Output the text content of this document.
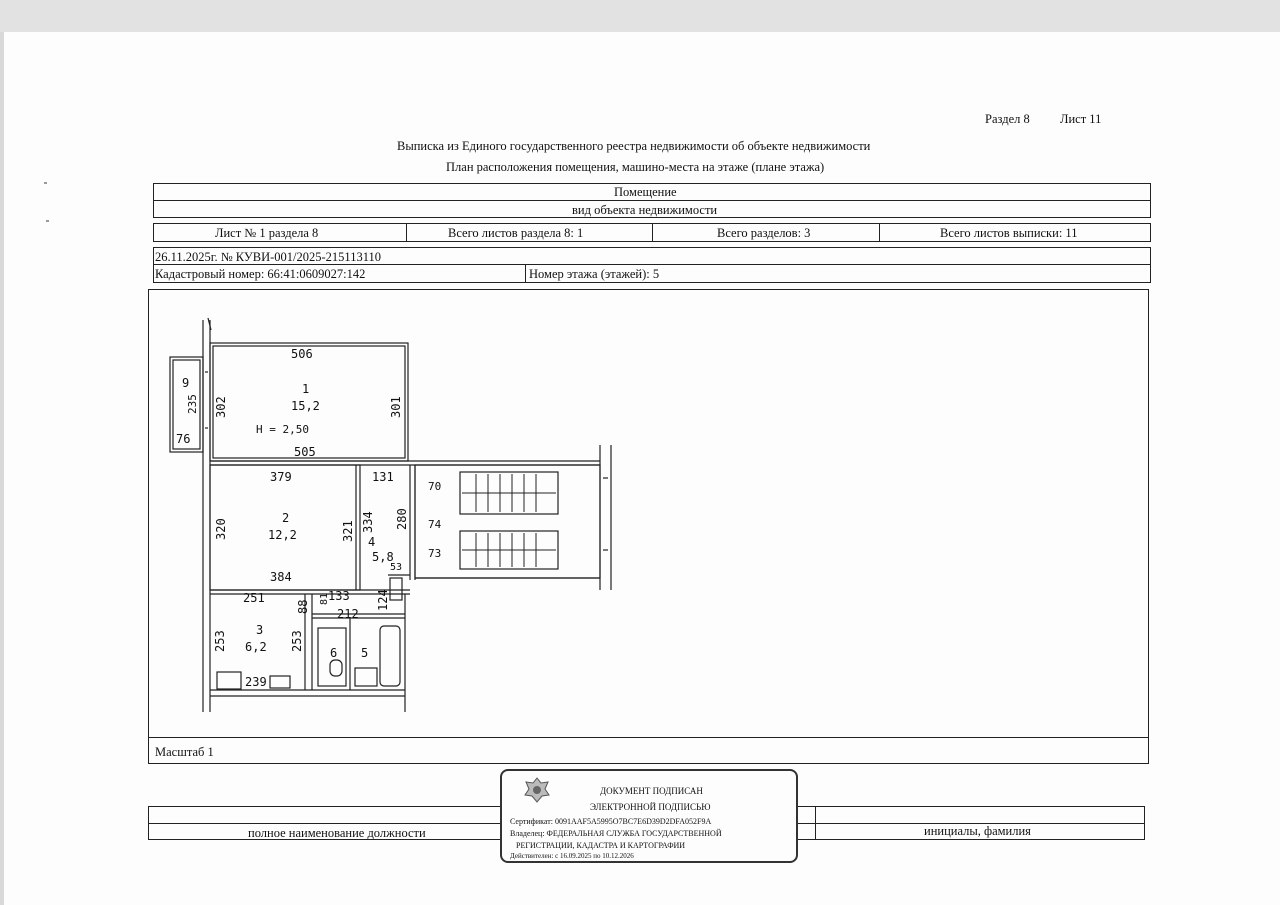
Раздел 8 Лист 11
Выписка из Единого государственного реестра недвижимости об объекте недвижимости
План расположения помещения, машино-места на этаже (плане этажа)
Помещение
вид объекта недвижимости
Лист № 1 раздела 8	Всего листов раздела 8: 1	Всего разделов: 3	Всего листов выписки: 11
26.11.2025г. № КУВИ-001/2025-215113110
Кадастровый номер: 66:41:0609027:142	Номер этажа (этажей): 5
Масштаб 1
506
1
15,2
H = 2,50
505
9
76
379	131
2
12,2	4
5,8
53
384
251	133
212
3
6,2	6 5
239
70
74
73
235 302	301
320	321 334 280
124
88
81
253	253
полное наименование должности	инициалы, фамилия
ДОКУМЕНТ ПОДПИСАН
ЭЛЕКТРОННОЙ ПОДПИСЬЮ
Сертификат: 0091AAF5A5995O7BC7E6D39D2DFA052F9A
Владелец: ФЕДЕРАЛЬНАЯ СЛУЖБА ГОСУДАРСТВЕННОЙ
РЕГИСТРАЦИИ, КАДАСТРА И КАРТОГРАФИИ
Действителен: с 16.09.2025 по 10.12.2026
